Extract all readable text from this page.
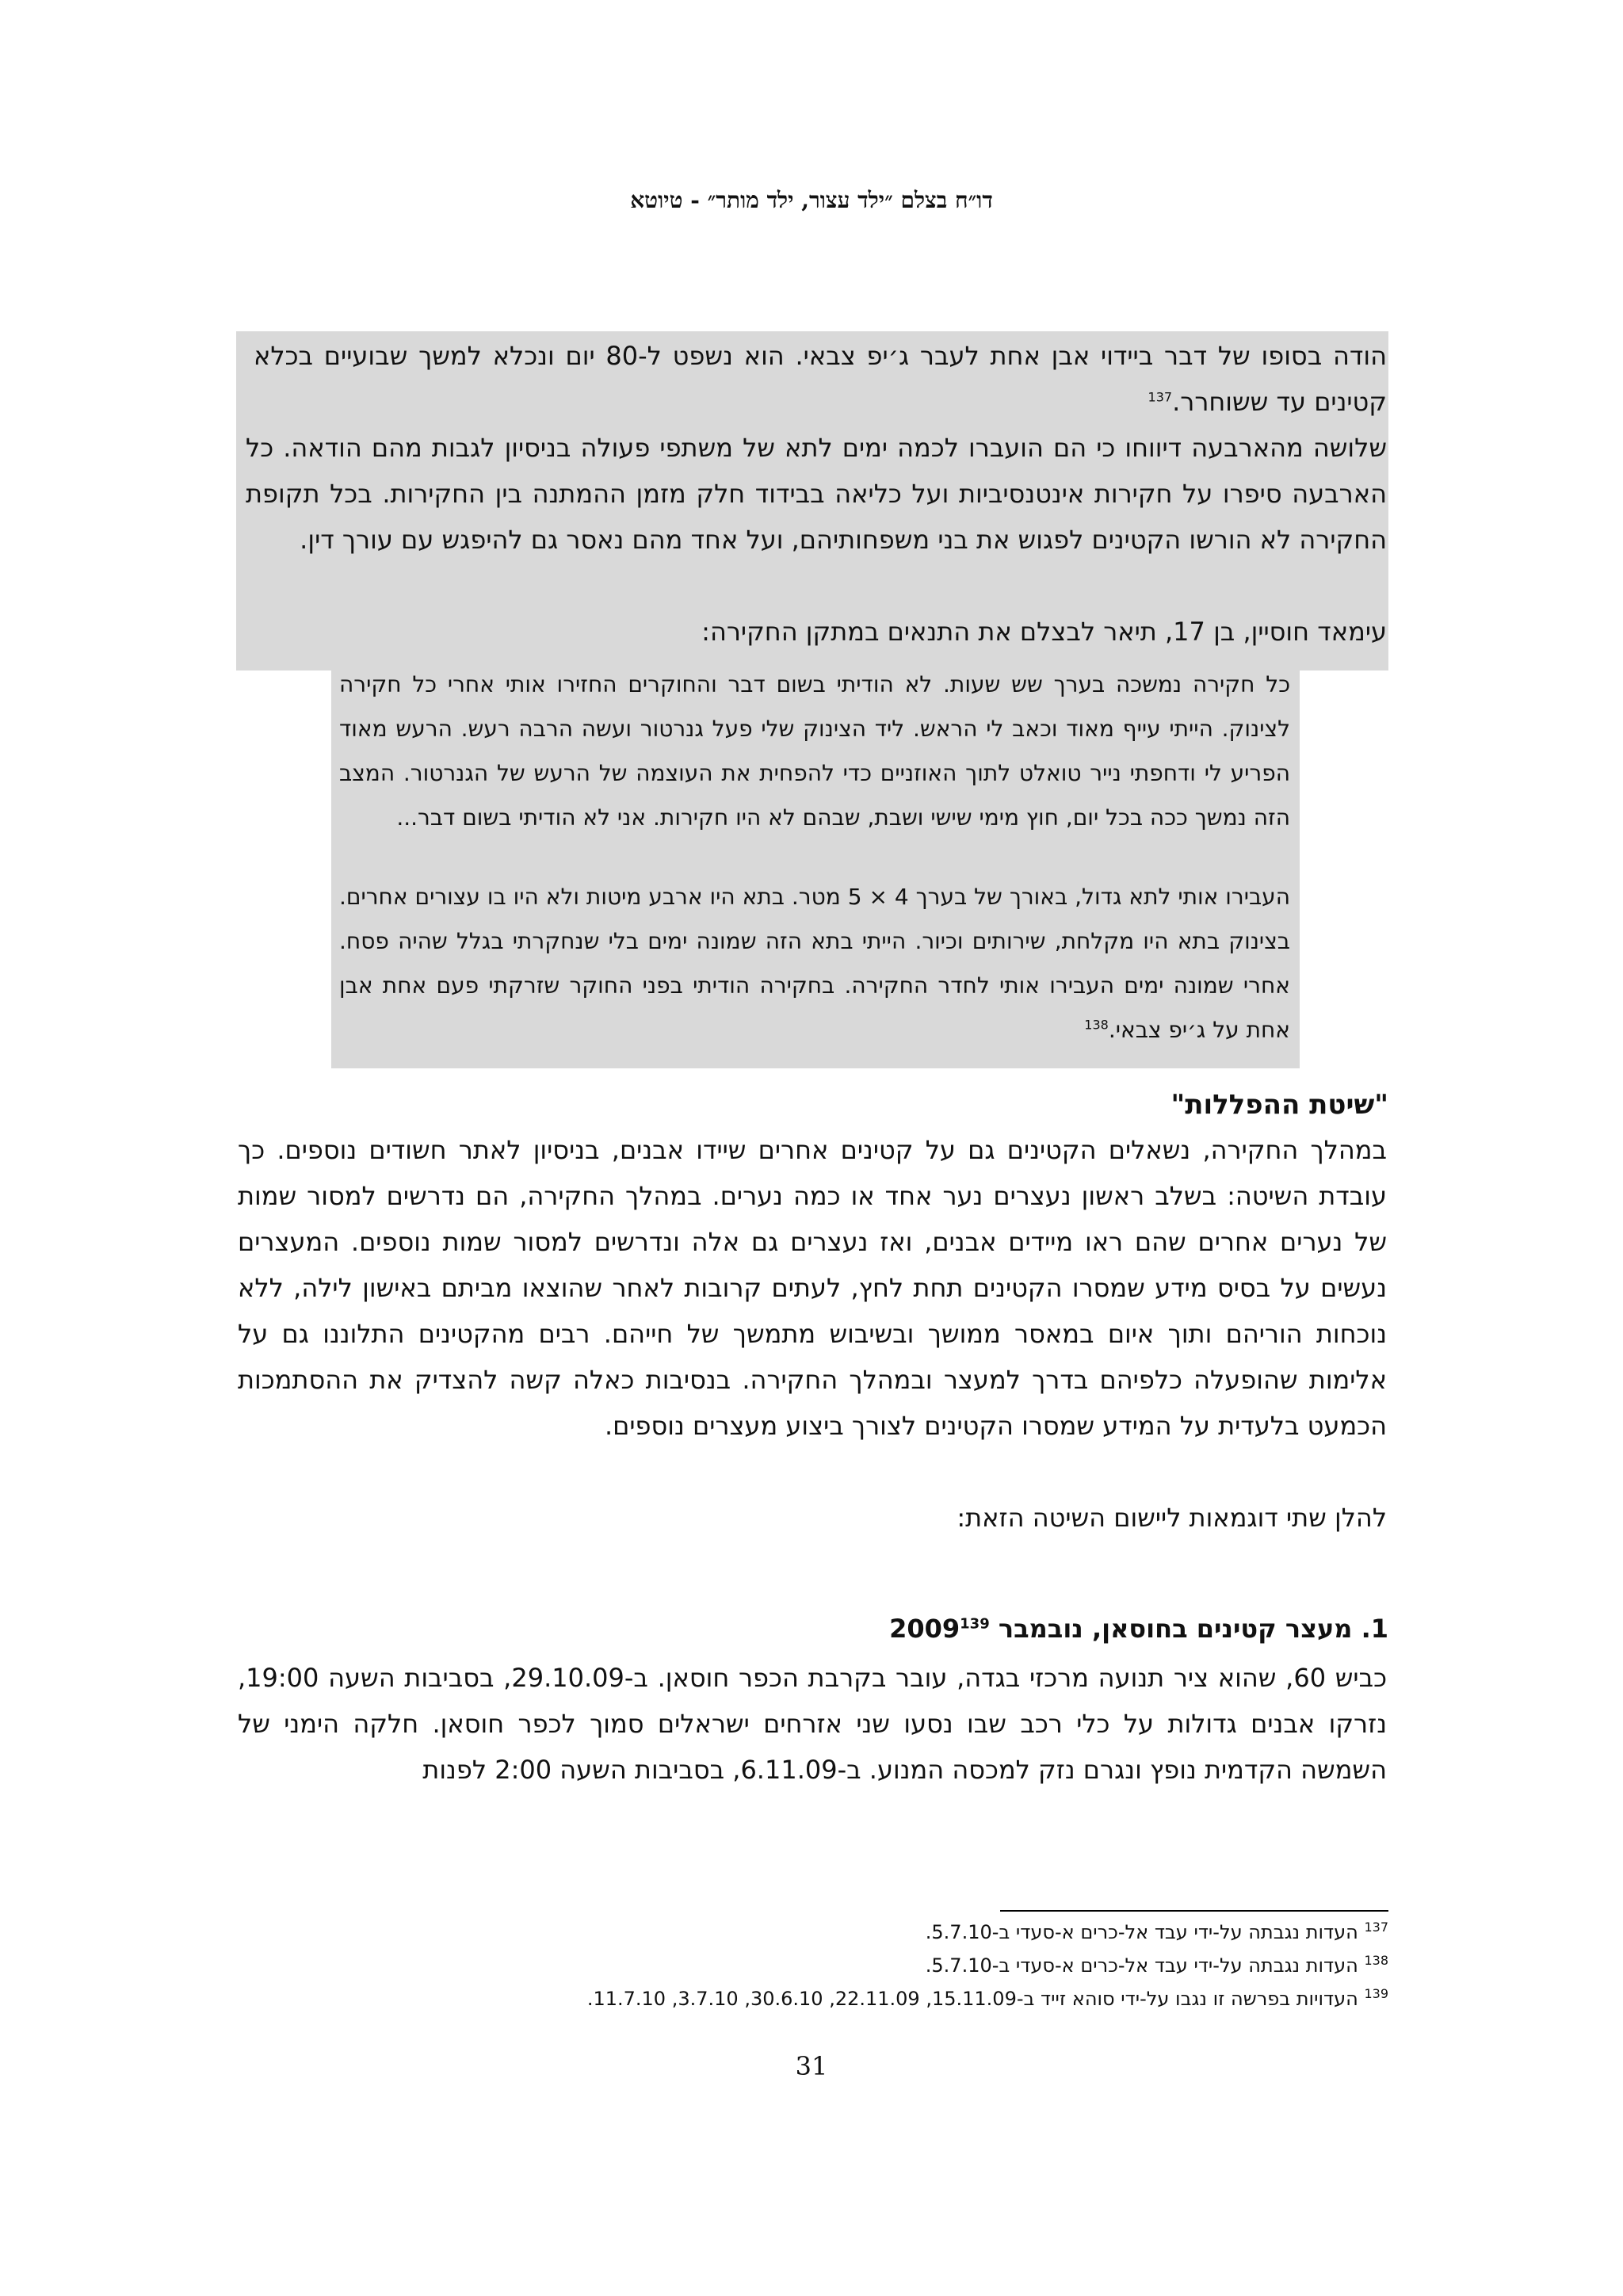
דו״ח בצלם ״ילד עצור, ילד מותר״ - טיוטא
הודה בסופו של דבר ביידוי אבן אחת לעבר ג׳יפ צבאי. הוא נשפט ל-80 יום ונכלא למשך שבועיים בכלא קטינים עד ששוחרר.$^{137}$
שלושה מהארבעה דיווחו כי הם הועברו לכמה ימים לתא של משתפי פעולה בניסיון לגבות מהם הודאה. כל הארבעה סיפרו על חקירות אינטנסיביות ועל כליאה בבידוד חלק מזמן ההמתנה בין החקירות. בכל תקופת החקירה לא הורשו הקטינים לפגוש את בני משפחותיהם, ועל אחד מהם נאסר גם להיפגש עם עורך דין.
עימאד חוסיין, בן 17, תיאר לבצלם את התנאים במתקן החקירה:
כל חקירה נמשכה בערך שש שעות. לא הודיתי בשום דבר והחוקרים החזירו אותי אחרי כל חקירה לצינוק. הייתי עייף מאוד וכאב לי הראש. ליד הצינוק שלי פעל גנרטור ועשה הרבה רעש. הרעש מאוד הפריע לי ודחפתי נייר טואלט לתוך האוזניים כדי להפחית את העוצמה של הרעש של הגנרטור. המצב הזה נמשך ככה בכל יום, חוץ מימי שישי ושבת, שבהם לא היו חקירות. אני לא הודיתי בשום דבר...
העבירו אותי לתא גדול, באורך של בערך 4 × 5 מטר. בתא היו ארבע מיטות ולא היו בו עצורים אחרים. בצינוק בתא היו מקלחת, שירותים וכיור. הייתי בתא הזה שמונה ימים בלי שנחקרתי בגלל שהיה פסח. אחרי שמונה ימים העבירו אותי לחדר החקירה. בחקירה הודיתי בפני החוקר שזרקתי פעם אחת אבן אחת על ג׳יפ צבאי.$^{138}$
"שיטת ההפללות"
במהלך החקירה, נשאלים הקטינים גם על קטינים אחרים שיידו אבנים, בניסיון לאתר חשודים נוספים. כך עובדת השיטה: בשלב ראשון נעצרים נער אחד או כמה נערים. במהלך החקירה, הם נדרשים למסור שמות של נערים אחרים שהם ראו מיידים אבנים, ואז נעצרים גם אלה ונדרשים למסור שמות נוספים. המעצרים נעשים על בסיס מידע שמסרו הקטינים תחת לחץ, לעתים קרובות לאחר שהוצאו מביתם באישון לילה, ללא נוכחות הוריהם ותוך איום במאסר ממושך ובשיבוש מתמשך של חייהם. רבים מהקטינים התלוננו גם על אלימות שהופעלה כלפיהם בדרך למעצר ובמהלך החקירה. בנסיבות כאלה קשה להצדיק את ההסתמכות הכמעט בלעדית על המידע שמסרו הקטינים לצורך ביצוע מעצרים נוספים.
להלן שתי דוגמאות ליישום השיטה הזאת:
1. מעצר קטינים בחוסאן, נובמבר 2009$^{139}$
כביש 60, שהוא ציר תנועה מרכזי בגדה, עובר בקרבת הכפר חוסאן. ב-29.10.09, בסביבות השעה 19:00, נזרקו אבנים גדולות על כלי רכב שבו נסעו שני אזרחים ישראלים סמוך לכפר חוסאן. חלקה הימני של השמשה הקדמית נופץ ונגרם נזק למכסה המנוע. ב-6.11.09, בסביבות השעה 2:00 לפנות
$^{137}$ העדות נגבתה על-ידי עבד אל-כרים א-סעדי ב-5.7.10.
$^{138}$ העדות נגבתה על-ידי עבד אל-כרים א-סעדי ב-5.7.10.
$^{139}$ העדויות בפרשה זו נגבו על-ידי סוהא זייד ב-15.11.09, 22.11.09, 30.6.10, 3.7.10, 11.7.10.
31
